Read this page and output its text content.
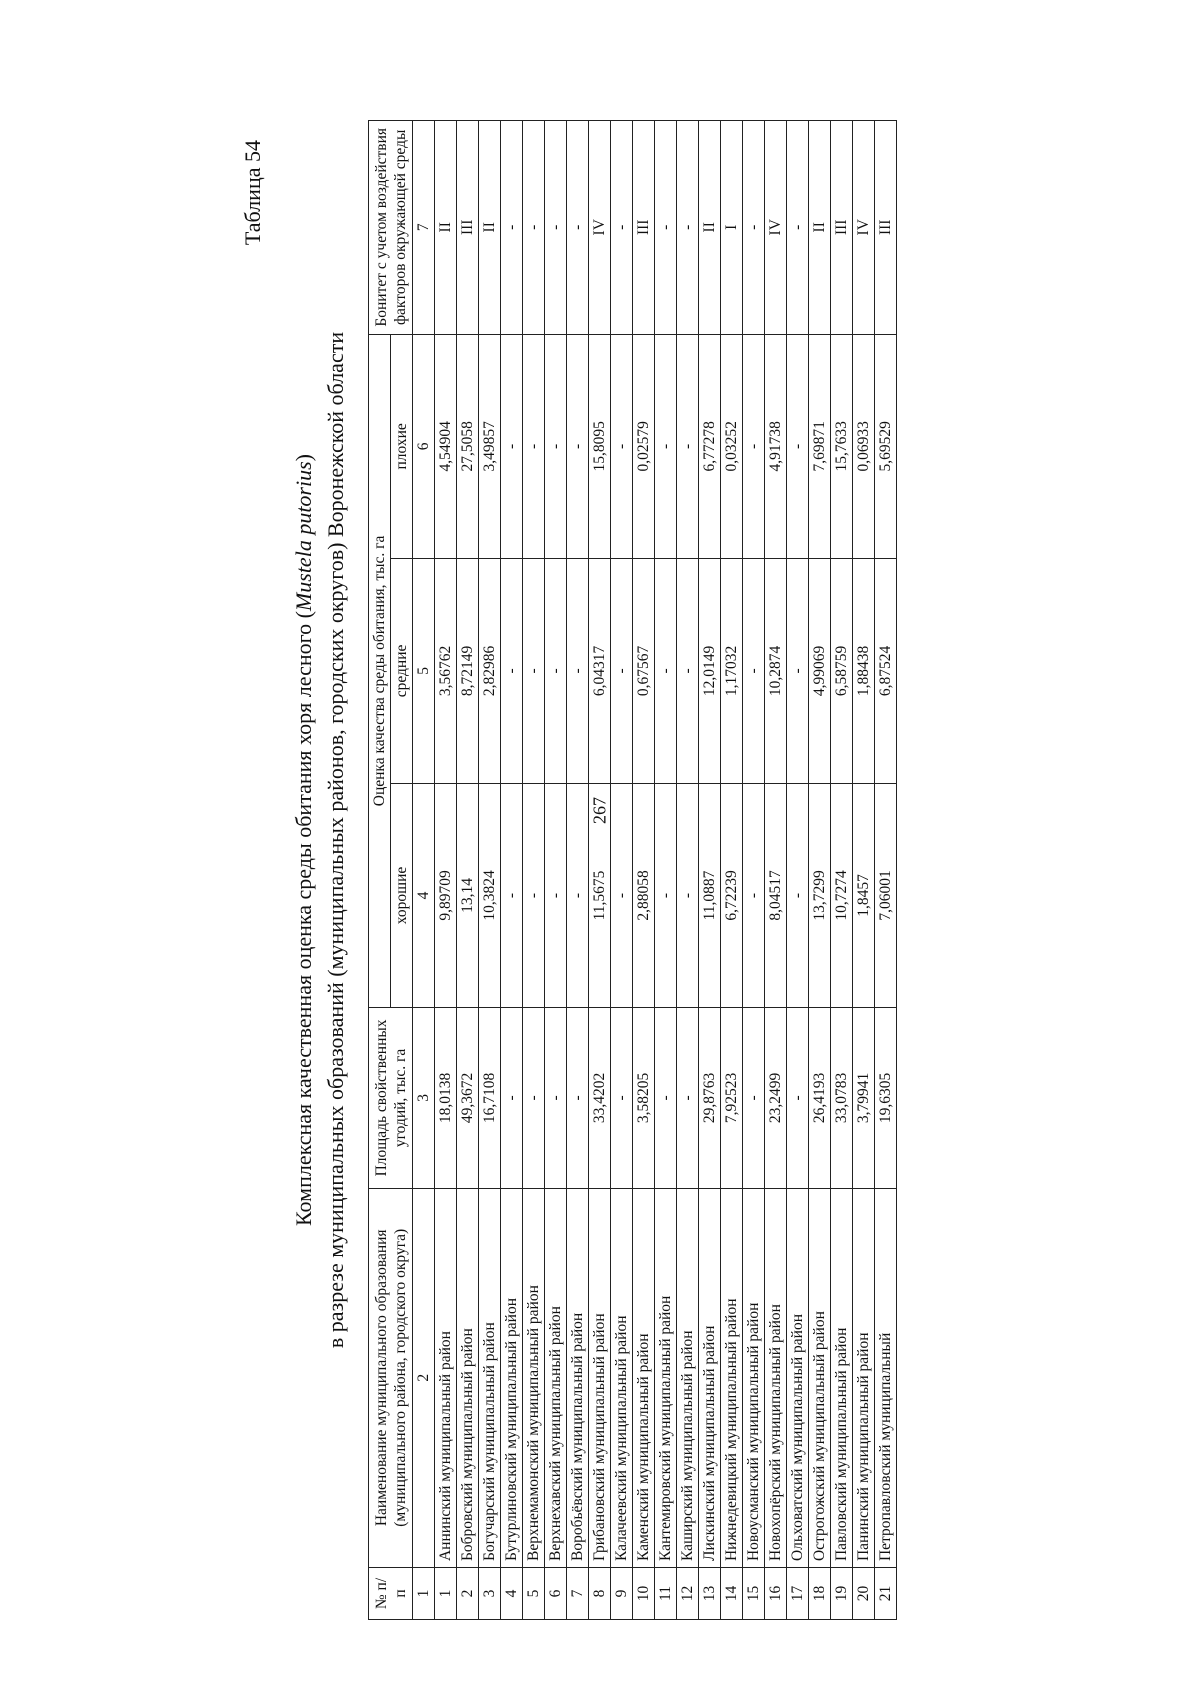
267
Таблица 54
Комплексная качественная оценка среды обитания хоря лесного (Mustela putorius) в разрезе муниципальных образований (муниципальных районов, городских округов) Воронежской области
№ п/п	Наименование муниципального образования (муниципального района, городского округа)	Площадь свойственных угодий, тыс. га	Оценка качества среды обитания, тыс. га			Бонитет с учетом воздействия факторов окружающей среды
			хорошие	средние	плохие	
1	2	3	4	5	6	7
1	Аннинский муниципальный район	18,0138	9,89709	3,56762	4,54904	II
2	Бобровский муниципальный район	49,3672	13,14	8,72149	27,5058	III
3	Богучарский муниципальный район	16,7108	10,3824	2,82986	3,49857	II
4	Бутурлиновский муниципальный район	-	-	-	-	-
5	Верхнемамонский муниципальный район	-	-	-	-	-
6	Верхнехавский муниципальный район	-	-	-	-	-
7	Воробьёвский муниципальный район	-	-	-	-	-
8	Грибановский муниципальный район	33,4202	11,5675	6,04317	15,8095	IV
9	Калачеевский муниципальный район	-	-	-	-	-
10	Каменский муниципальный район	3,58205	2,88058	0,67567	0,02579	III
11	Кантемировский муниципальный район	-	-	-	-	-
12	Каширский муниципальный район	-	-	-	-	-
13	Лискинский муниципальный район	29,8763	11,0887	12,0149	6,77278	II
14	Нижнедевицкий муниципальный район	7,92523	6,72239	1,17032	0,03252	I
15	Новоусманский муниципальный район	-	-	-	-	-
16	Новохопёрский муниципальный район	23,2499	8,04517	10,2874	4,91738	IV
17	Ольховатский муниципальный район	-	-	-	-	-
18	Острогожский муниципальный район	26,4193	13,7299	4,99069	7,69871	II
19	Павловский муниципальный район	33,0783	10,7274	6,58759	15,7633	III
20	Панинский муниципальный район	3,79941	1,8457	1,88438	0,06933	IV
21	Петропавловский муниципальный	19,6305	7,06001	6,87524	5,69529	III
